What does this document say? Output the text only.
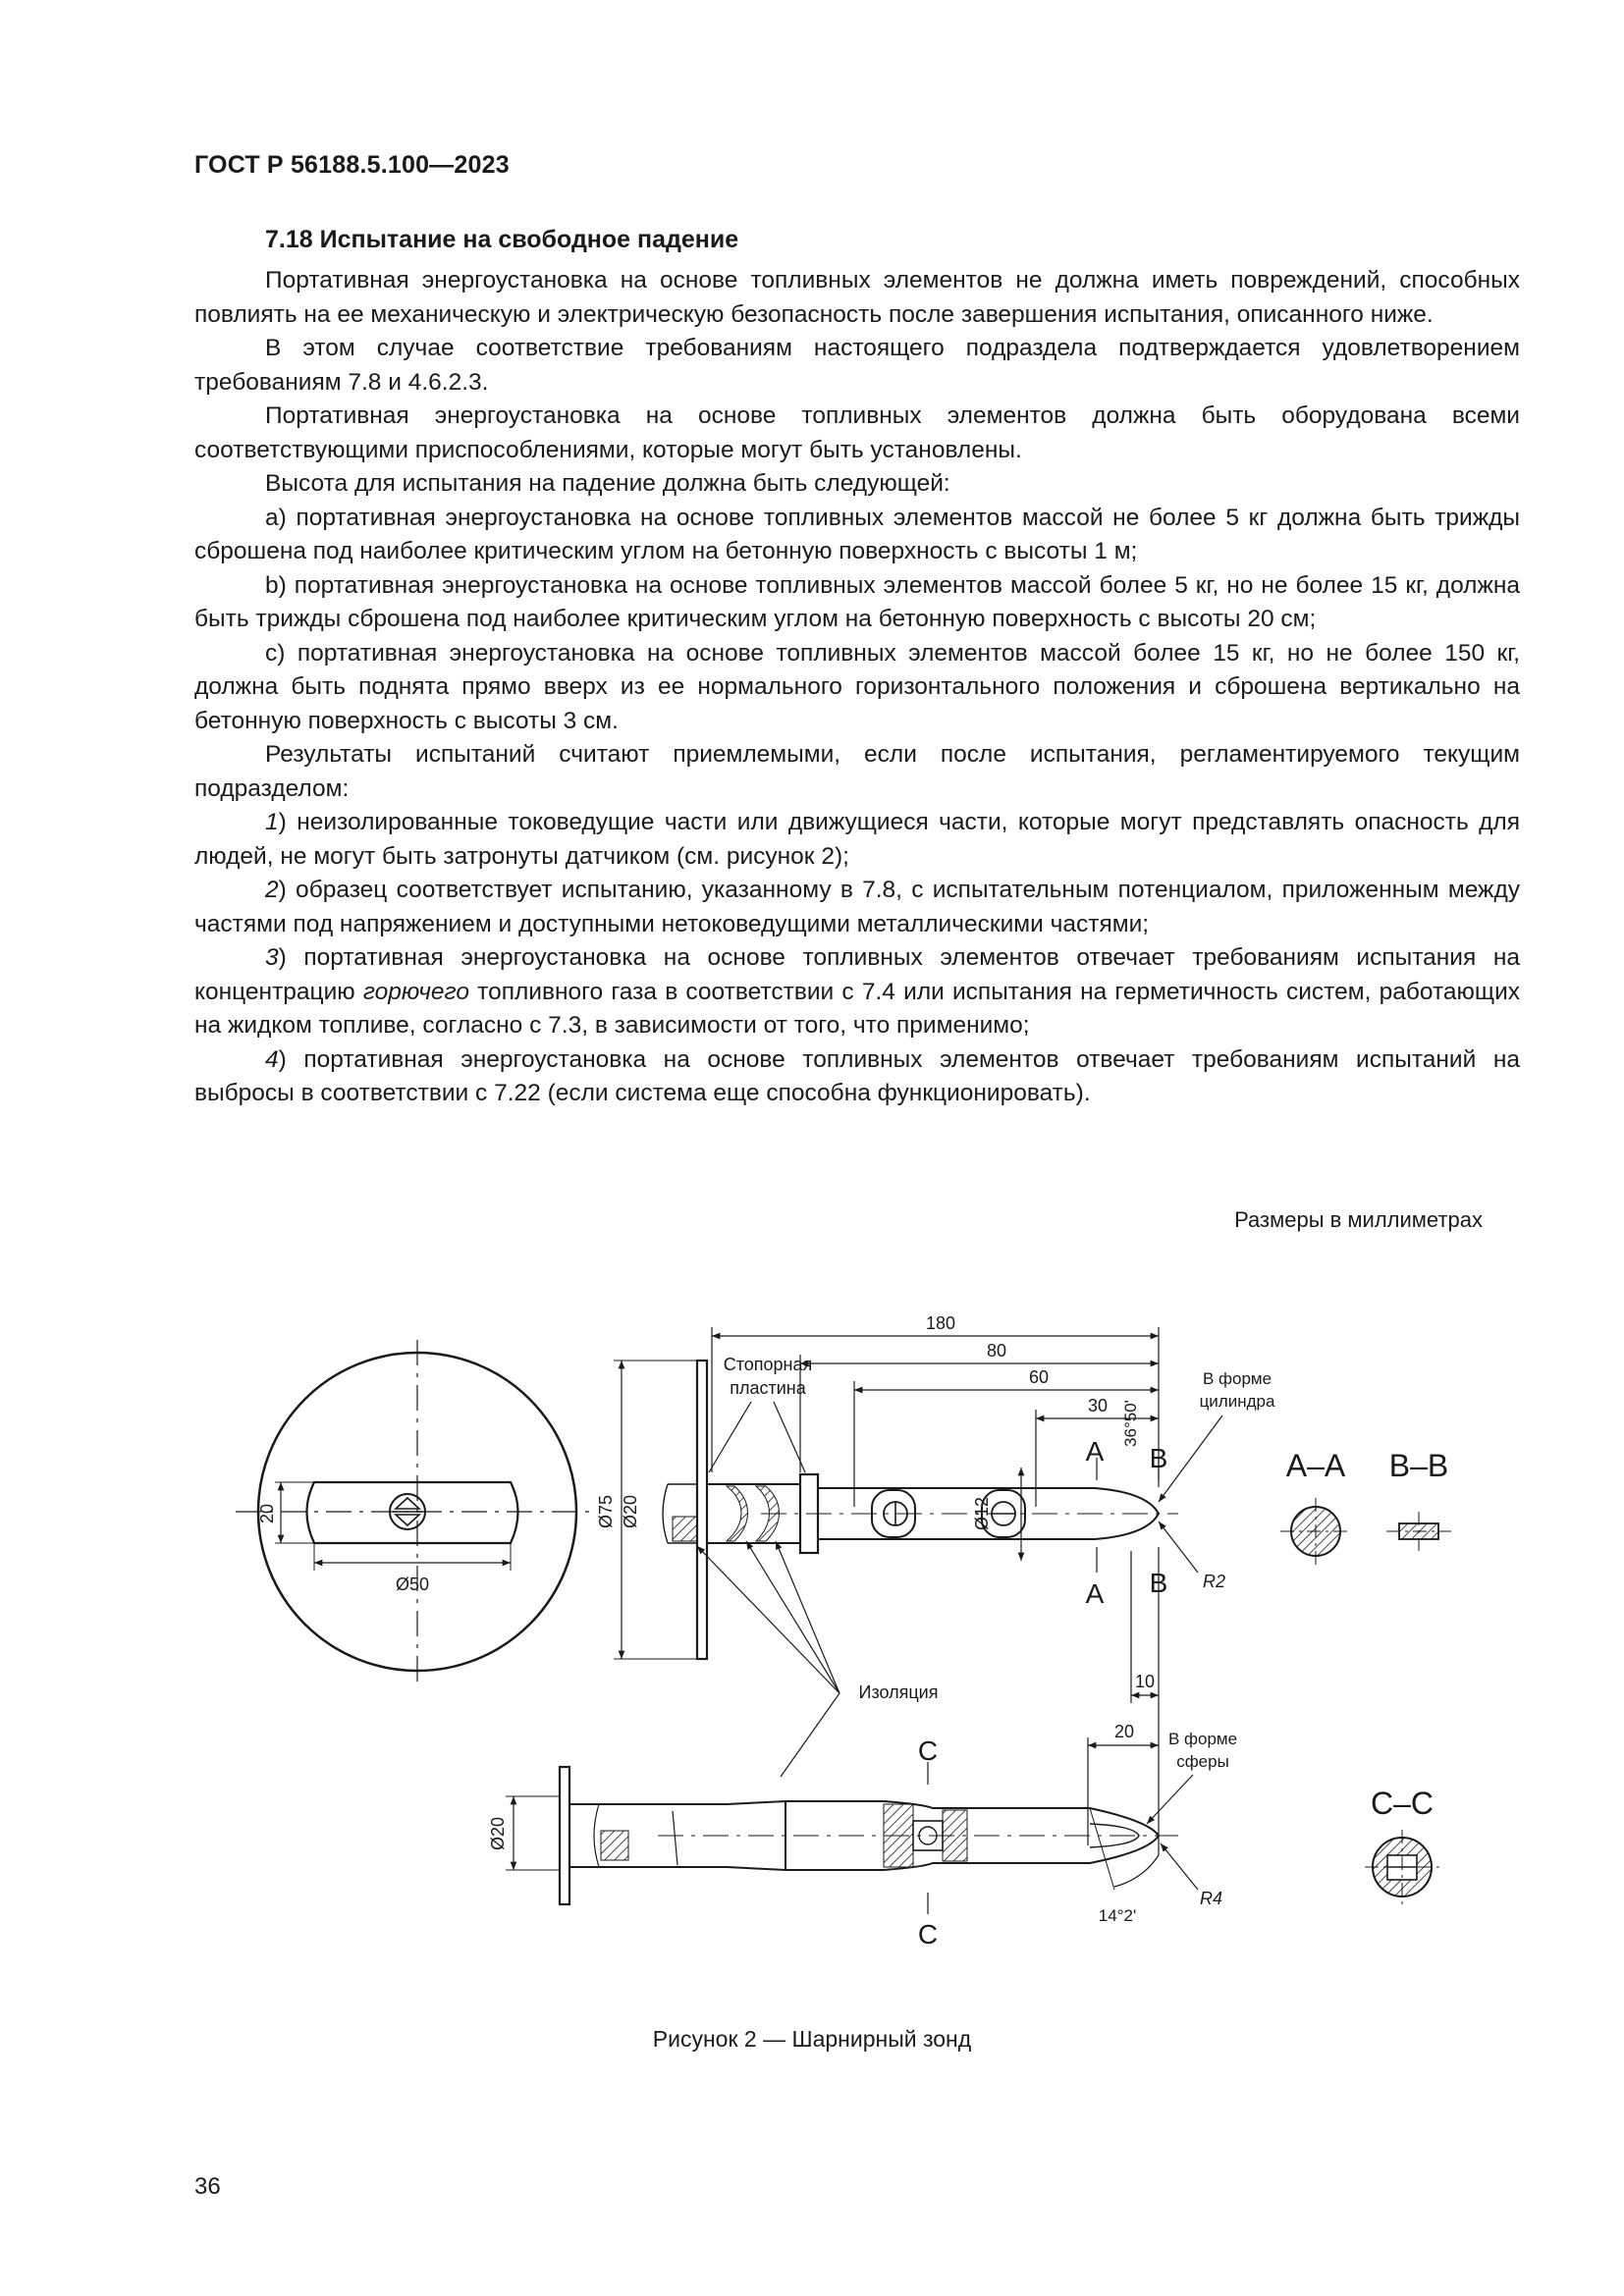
ГОСТ Р 56188.5.100—2023
7.18 Испытание на свободное падение

Портативная энергоустановка на основе топливных элементов не должна иметь повреждений, способных повлиять на ее механическую и электрическую безопасность после завершения испытания, описанного ниже.

В этом случае соответствие требованиям настоящего подраздела подтверждается удовлетворением требованиям 7.8 и 4.6.2.3.

Портативная энергоустановка на основе топливных элементов должна быть оборудована всеми соответствующими приспособлениями, которые могут быть установлены.

Высота для испытания на падение должна быть следующей:

а) портативная энергоустановка на основе топливных элементов массой не более 5 кг должна быть трижды сброшена под наиболее критическим углом на бетонную поверхность с высоты 1 м;

b) портативная энергоустановка на основе топливных элементов массой более 5 кг, но не более 15 кг, должна быть трижды сброшена под наиболее критическим углом на бетонную поверхность с высоты 20 см;

с) портативная энергоустановка на основе топливных элементов массой более 15 кг, но не более 150 кг, должна быть поднята прямо вверх из ее нормального горизонтального положения и сброшена вертикально на бетонную поверхность с высоты 3 см.

Результаты испытаний считают приемлемыми, если после испытания, регламентируемого текущим подразделом:

1) неизолированные токоведущие части или движущиеся части, которые могут представлять опасность для людей, не могут быть затронуты датчиком (см. рисунок 2);

2) образец соответствует испытанию, указанному в 7.8, с испытательным потенциалом, приложенным между частями под напряжением и доступными нетоковедущими металлическими частями;

3) портативная энергоустановка на основе топливных элементов отвечает требованиям испытания на концентрацию горючего топливного газа в соответствии с 7.4 или испытания на герметичность систем, работающих на жидком топливе, согласно с 7.3, в зависимости от того, что применимо;

4) портативная энергоустановка на основе топливных элементов отвечает требованиям испытаний на выбросы в соответствии с 7.22 (если система еще способна функционировать).

Размеры в миллиметрах
20
Ø50
180
80
60
30
Ø75 Ø20	Ø12
36°50'
R2
A
A
B
B
Стопорная
пластина	В форме
цилиндра
Изоляция
10
20
Ø20
C
C
14°2'
R4
В форме
сферы
A–A B–B
C–C
Рисунок 2 — Шарнирный зонд
36
